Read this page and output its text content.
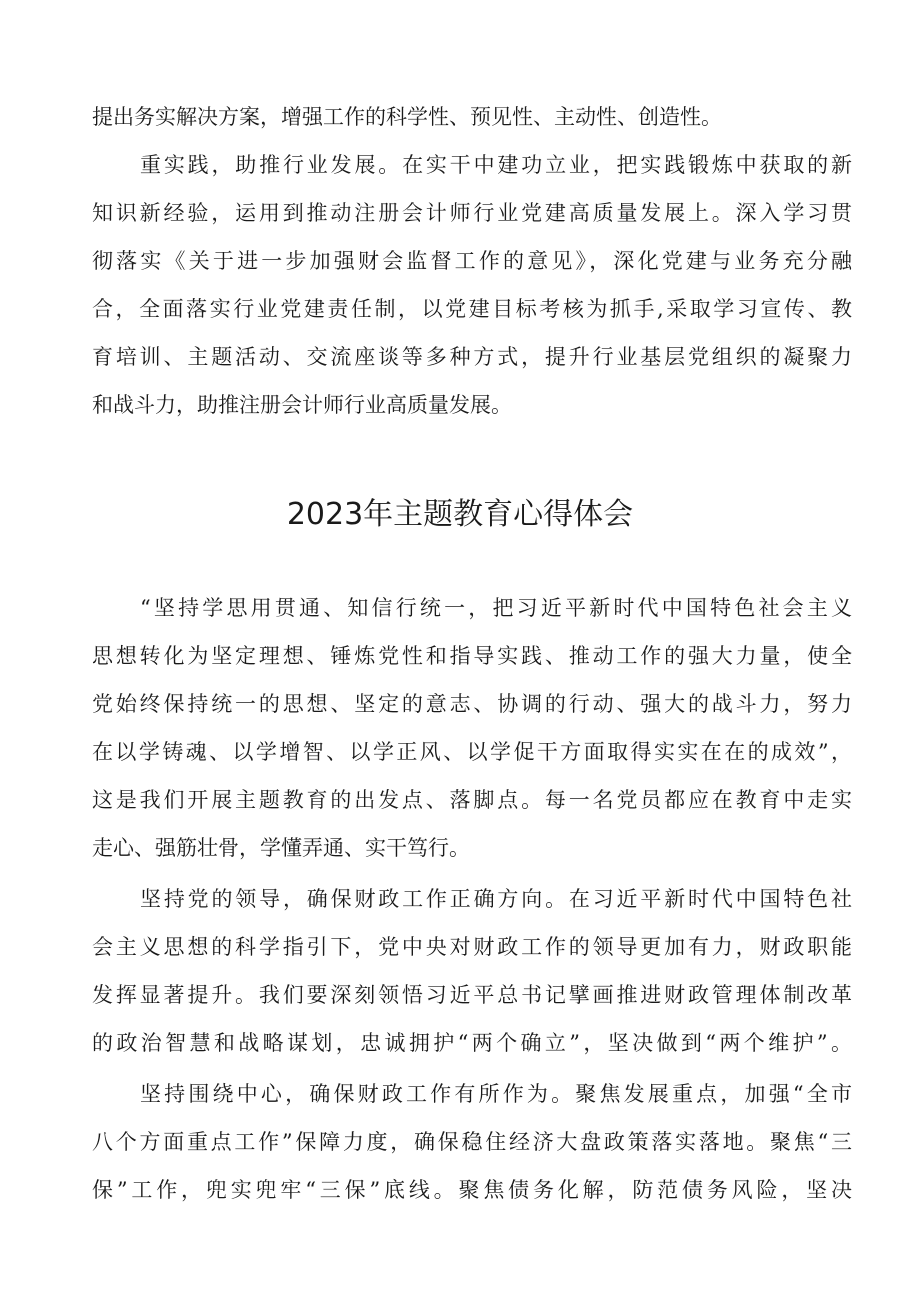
提出务实解决方案，增强工作的科学性、预见性、主动性、创造性。
重实践，助推行业发展。在实干中建功立业，把实践锻炼中获取的新
知识新经验，运用到推动注册会计师行业党建高质量发展上。深入学习贯
彻落实《关于进一步加强财会监督工作的意见》，深化党建与业务充分融
合，全面落实行业党建责任制，以党建目标考核为抓手,采取学习宣传、教
育培训、主题活动、交流座谈等多种方式，提升行业基层党组织的凝聚力
和战斗力，助推注册会计师行业高质量发展。
2023年主题教育心得体会
“坚持学思用贯通、知信行统一，把习近平新时代中国特色社会主义
思想转化为坚定理想、锤炼党性和指导实践、推动工作的强大力量，使全
党始终保持统一的思想、坚定的意志、协调的行动、强大的战斗力，努力
在以学铸魂、以学增智、以学正风、以学促干方面取得实实在在的成效”，
这是我们开展主题教育的出发点、落脚点。每一名党员都应在教育中走实
走心、强筋壮骨，学懂弄通、实干笃行。
坚持党的领导，确保财政工作正确方向。在习近平新时代中国特色社
会主义思想的科学指引下，党中央对财政工作的领导更加有力，财政职能
发挥显著提升。我们要深刻领悟习近平总书记擘画推进财政管理体制改革
的政治智慧和战略谋划，忠诚拥护“两个确立”，坚决做到“两个维护”。
坚持围绕中心，确保财政工作有所作为。聚焦发展重点，加强“全市
八个方面重点工作”保障力度，确保稳住经济大盘政策落实落地。聚焦“三
保”工作，兜实兜牢“三保”底线。聚焦债务化解，防范债务风险，坚决
